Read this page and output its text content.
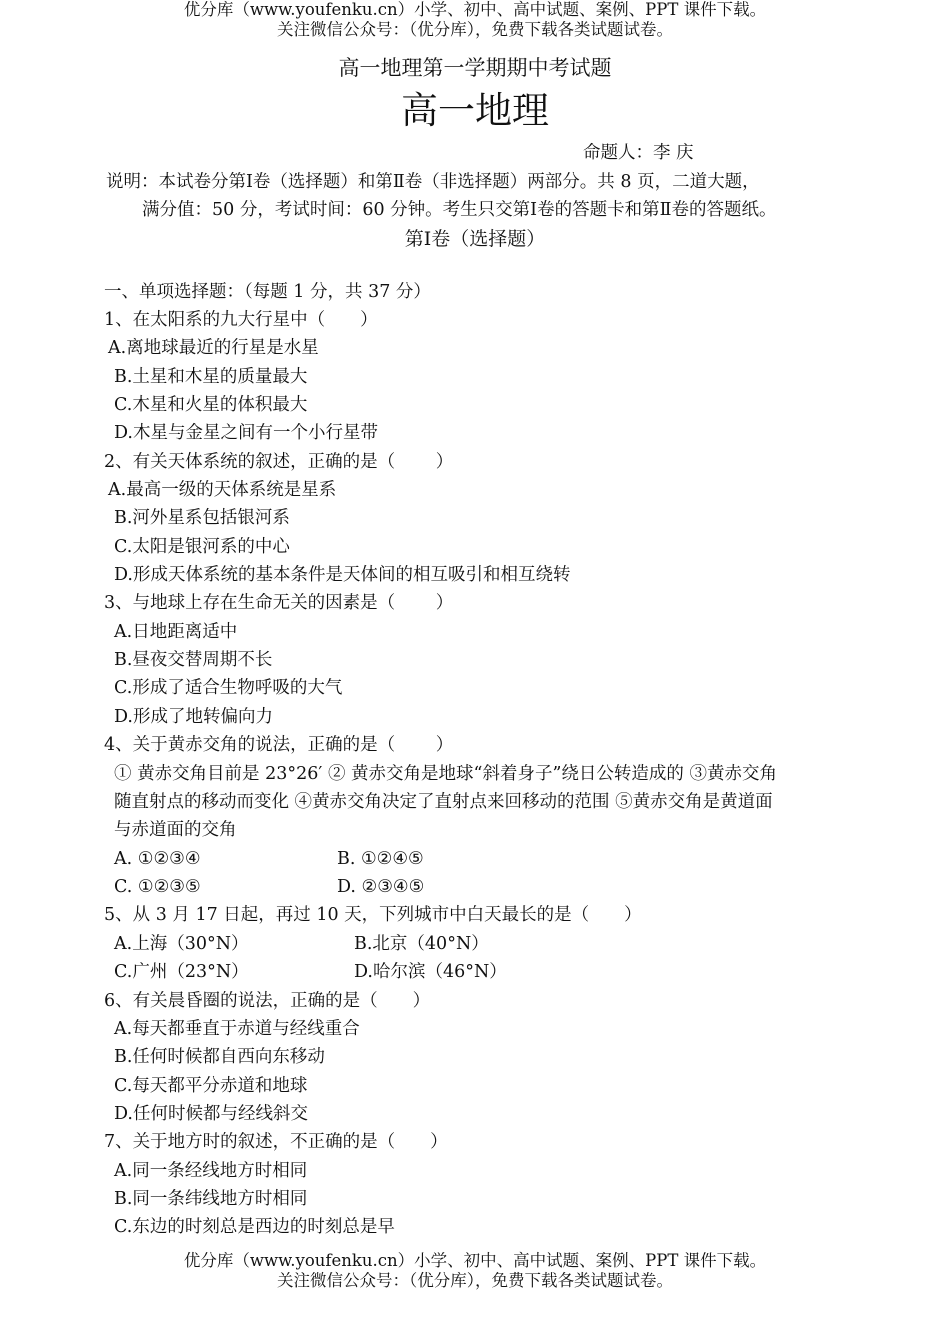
优分库（www.youfenku.cn）小学、初中、高中试题、案例、PPT 课件下载。
关注微信公众号：（优分库），免费下载各类试题试卷。
高一地理第一学期期中考试题
高一地理
命题人：李 庆
说明：本试卷分第Ⅰ卷（选择题）和第Ⅱ卷（非选择题）两部分。共 8 页，二道大题，
满分值：50 分，考试时间：60 分钟。考生只交第Ⅰ卷的答题卡和第Ⅱ卷的答题纸。
第Ⅰ卷（选择题）
一、单项选择题：（每题 1 分，共 37 分）
1、在太阳系的九大行星中（　　）
A.离地球最近的行星是水星
B.土星和木星的质量最大
C.木星和火星的体积最大
D.木星与金星之间有一个小行星带
2、有关天体系统的叙述，正确的是（　　 ）
A.最高一级的天体系统是星系
B.河外星系包括银河系
C.太阳是银河系的中心
D.形成天体系统的基本条件是天体间的相互吸引和相互绕转
3、与地球上存在生命无关的因素是（　　 ）
A.日地距离适中
B.昼夜交替周期不长
C.形成了适合生物呼吸的大气
D.形成了地转偏向力
4、关于黄赤交角的说法，正确的是（　　 ）
① 黄赤交角目前是 23°26′ ② 黄赤交角是地球“斜着身子”绕日公转造成的 ③黄赤交角
随直射点的移动而变化 ④黄赤交角决定了直射点来回移动的范围 ⑤黄赤交角是黄道面
与赤道面的交角
A. ①②③④	B. ①②④⑤
C. ①②③⑤	D. ②③④⑤
5、从 3 月 17 日起，再过 10 天，下列城市中白天最长的是（　　）
A.上海（30°N）	B.北京（40°N）
C.广州（23°N）	D.哈尔滨（46°N）
6、有关晨昏圈的说法，正确的是（　　）
A.每天都垂直于赤道与经线重合
B.任何时候都自西向东移动
C.每天都平分赤道和地球
D.任何时候都与经线斜交
7、关于地方时的叙述，不正确的是（　　）
A.同一条经线地方时相同
B.同一条纬线地方时相同
C.东边的时刻总是西边的时刻总是早
优分库（www.youfenku.cn）小学、初中、高中试题、案例、PPT 课件下载。
关注微信公众号：（优分库），免费下载各类试题试卷。
